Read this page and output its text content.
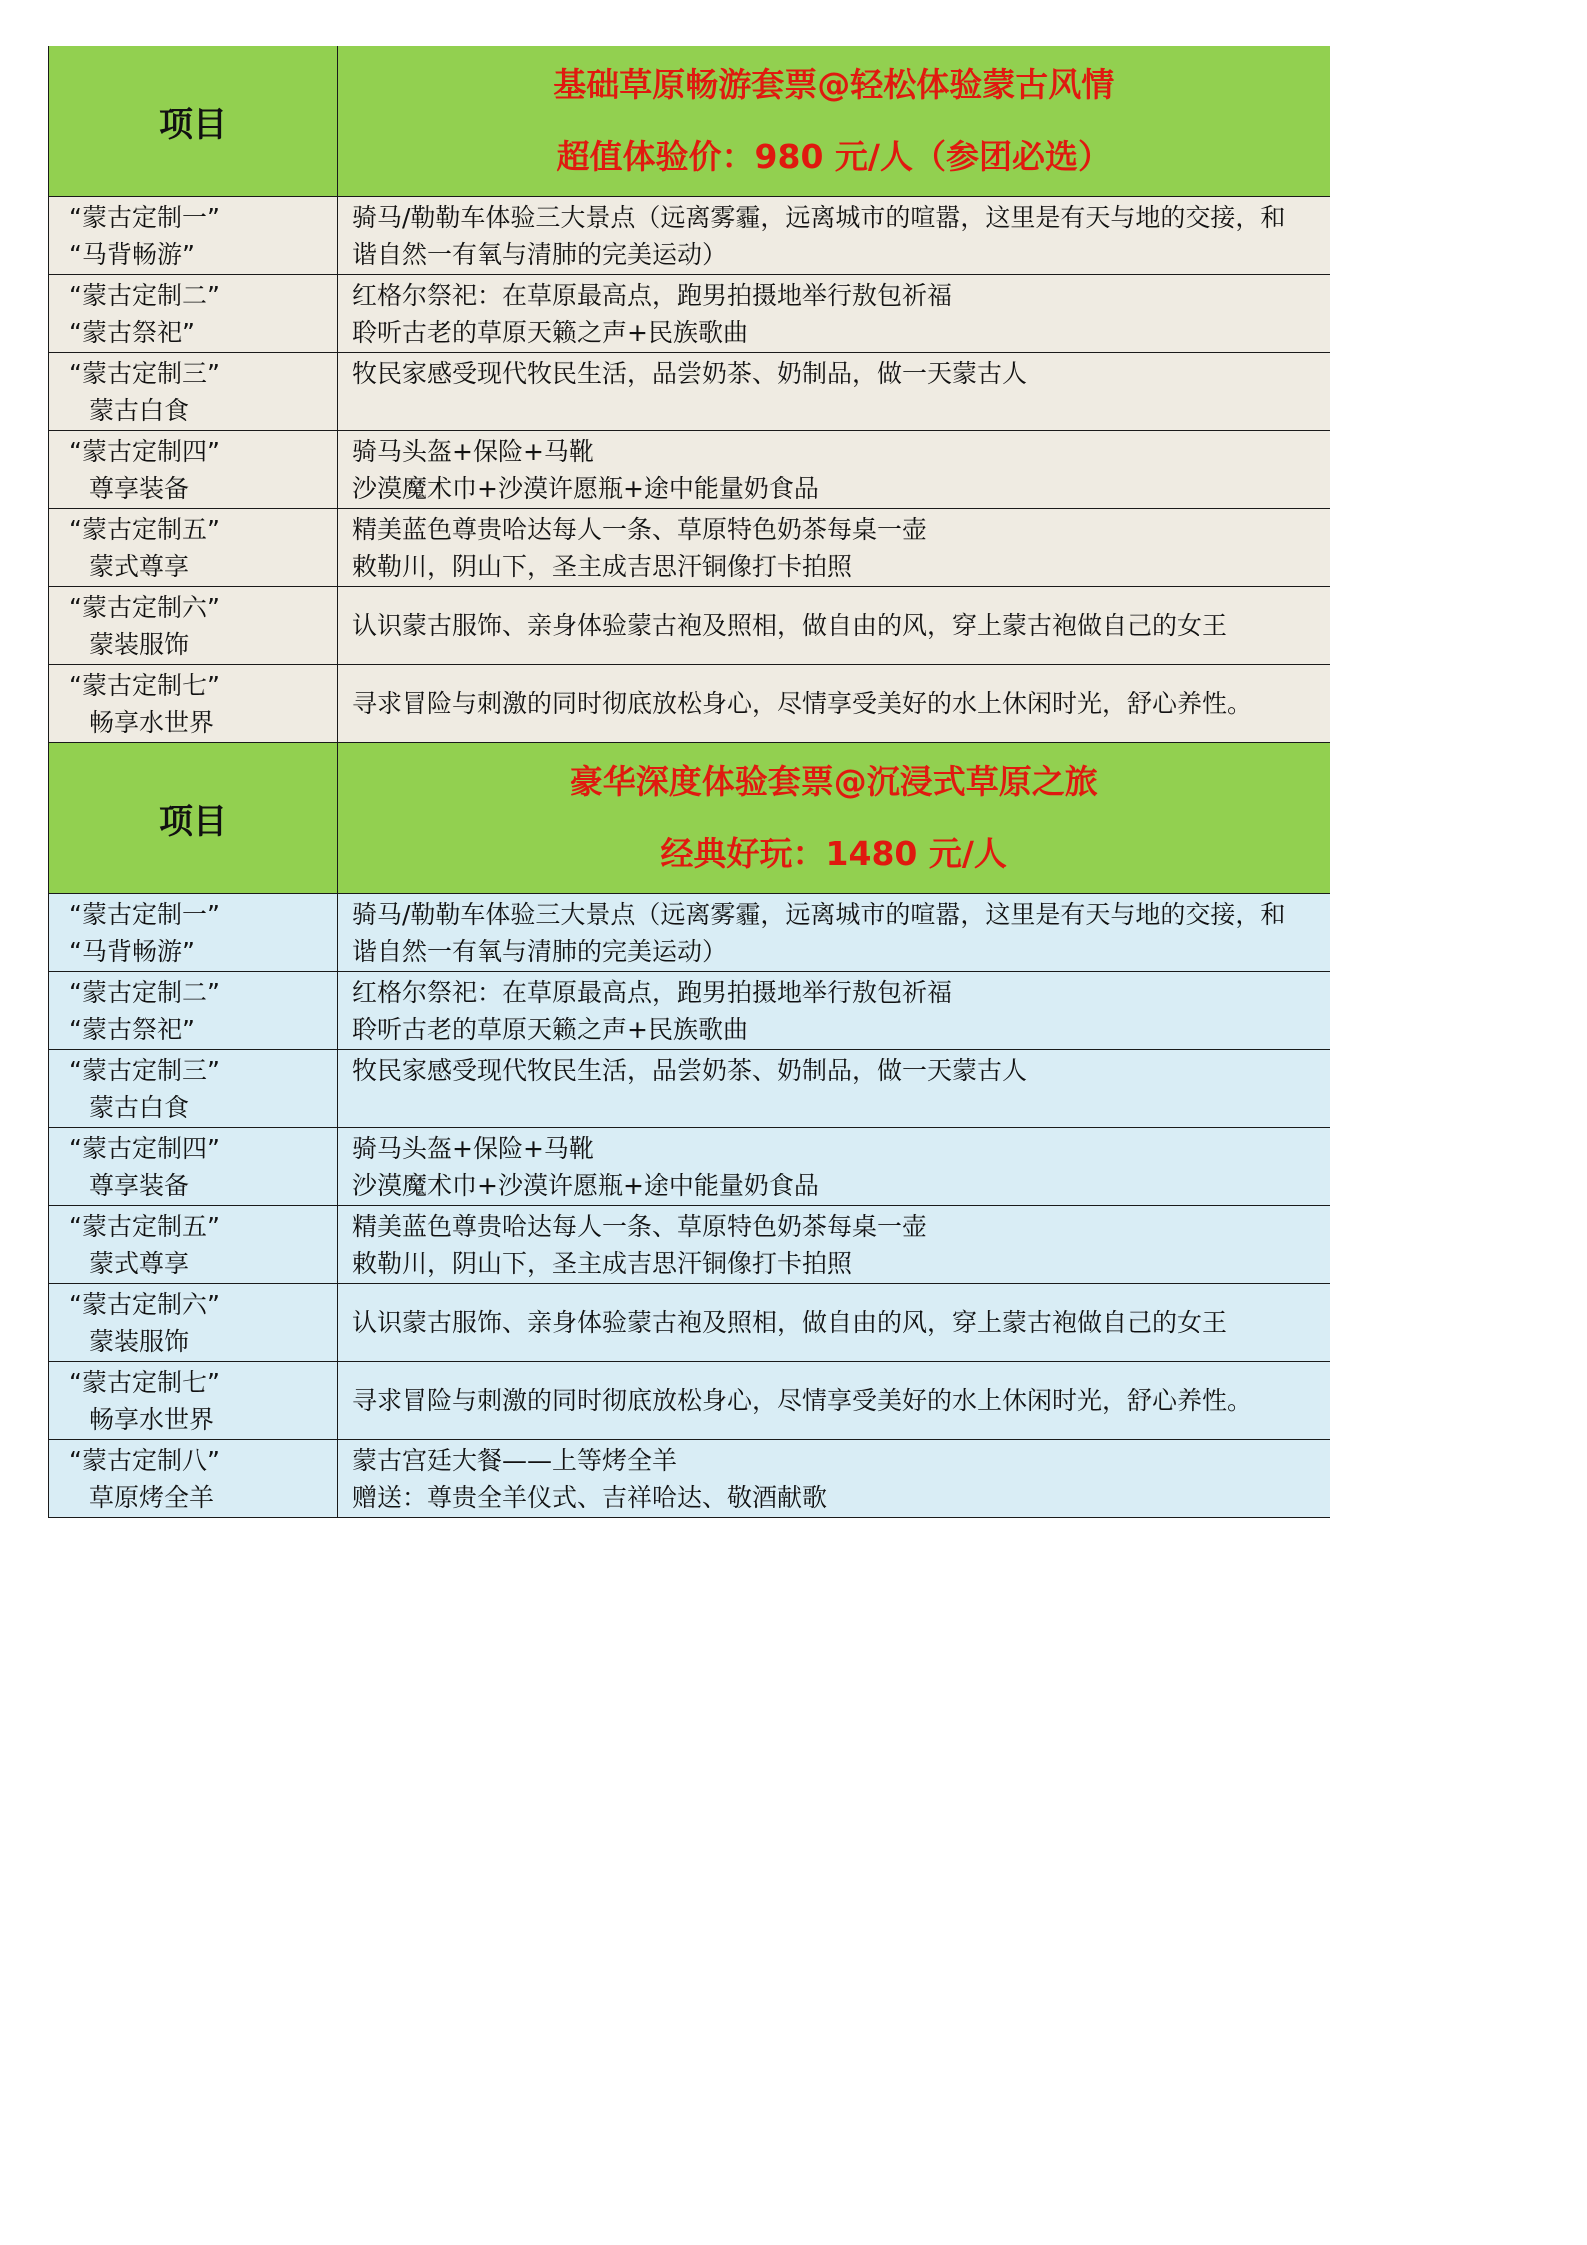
项目	基础草原畅游套票@轻松体验蒙古风情
超值体验价：980 元/人（参团必选）

“蒙古定制一”
“马背畅游”	骑马/勒勒车体验三大景点（远离雾霾，远离城市的喧嚣，这里是有天与地的交接，和
谐自然一有氧与清肺的完美运动）

“蒙古定制二”
“蒙古祭祀”	红格尔祭祀：在草原最高点，跑男拍摄地举行敖包祈福
聆听古老的草原天籁之声+民族歌曲

“蒙古定制三”
蒙古白食	牧民家感受现代牧民生活，品尝奶茶、奶制品，做一天蒙古人

“蒙古定制四”
尊享装备	骑马头盔+保险+马靴
沙漠魔术巾+沙漠许愿瓶+途中能量奶食品

“蒙古定制五”
蒙式尊享	精美蓝色尊贵哈达每人一条、草原特色奶茶每桌一壶
敕勒川，阴山下，圣主成吉思汗铜像打卡拍照

“蒙古定制六”
蒙装服饰	认识蒙古服饰、亲身体验蒙古袍及照相，做自由的风，穿上蒙古袍做自己的女王

“蒙古定制七”
畅享水世界	寻求冒险与刺激的同时彻底放松身心，尽情享受美好的水上休闲时光，舒心养性。

项目	豪华深度体验套票@沉浸式草原之旅
经典好玩：1480 元/人

“蒙古定制一”
“马背畅游”	骑马/勒勒车体验三大景点（远离雾霾，远离城市的喧嚣，这里是有天与地的交接，和
谐自然一有氧与清肺的完美运动）

“蒙古定制二”
“蒙古祭祀”	红格尔祭祀：在草原最高点，跑男拍摄地举行敖包祈福
聆听古老的草原天籁之声+民族歌曲

“蒙古定制三”
蒙古白食	牧民家感受现代牧民生活，品尝奶茶、奶制品，做一天蒙古人

“蒙古定制四”
尊享装备	骑马头盔+保险+马靴
沙漠魔术巾+沙漠许愿瓶+途中能量奶食品

“蒙古定制五”
蒙式尊享	精美蓝色尊贵哈达每人一条、草原特色奶茶每桌一壶
敕勒川，阴山下，圣主成吉思汗铜像打卡拍照

“蒙古定制六”
蒙装服饰	认识蒙古服饰、亲身体验蒙古袍及照相，做自由的风，穿上蒙古袍做自己的女王

“蒙古定制七”
畅享水世界	寻求冒险与刺激的同时彻底放松身心，尽情享受美好的水上休闲时光，舒心养性。

“蒙古定制八”
草原烤全羊	蒙古宫廷大餐——上等烤全羊
赠送：尊贵全羊仪式、吉祥哈达、敬酒献歌
